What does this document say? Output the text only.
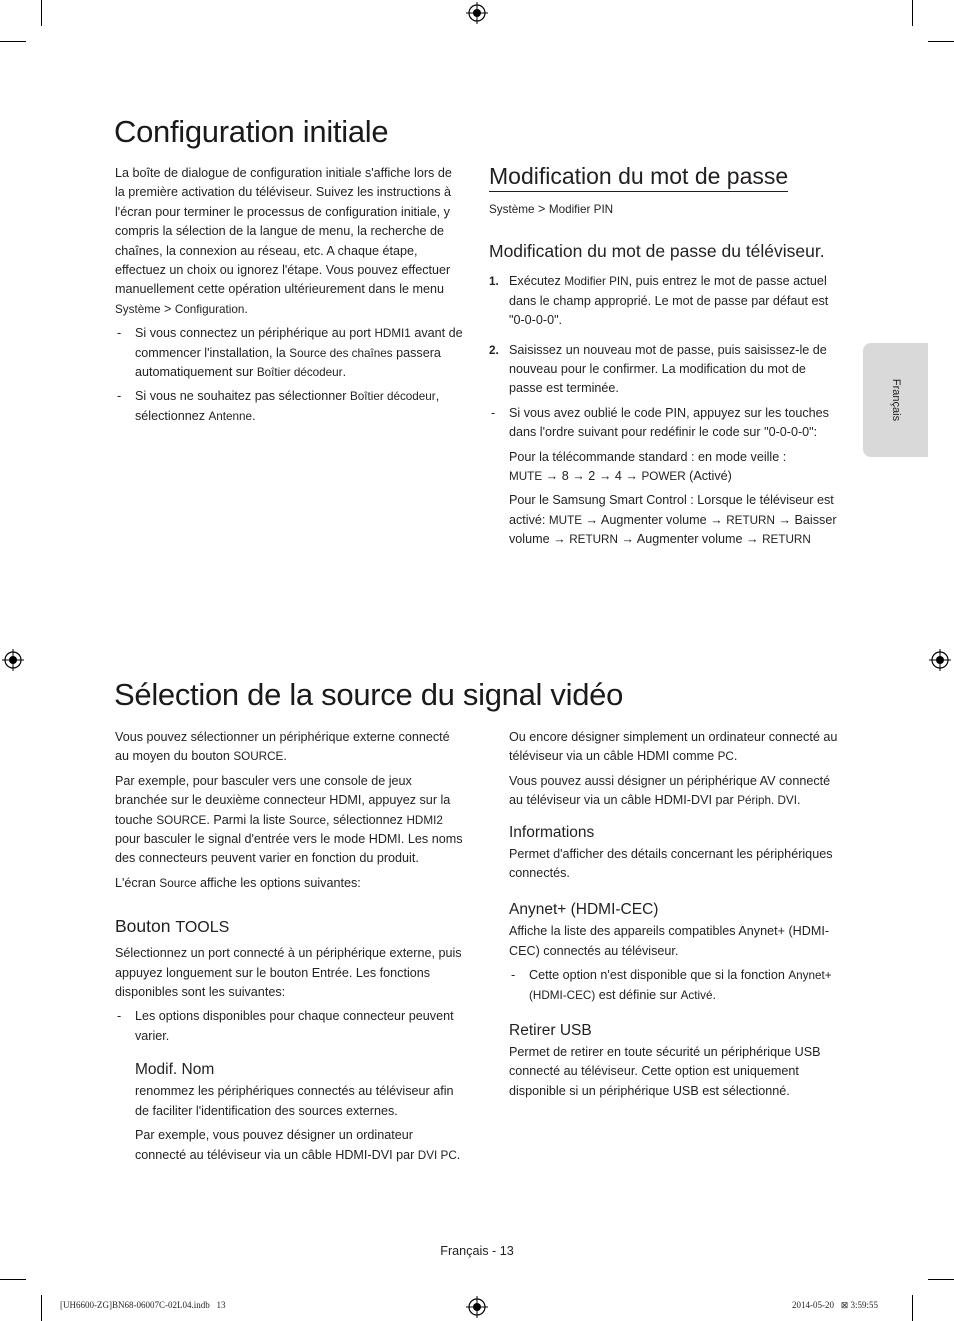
Français
Configuration initiale

La boîte de dialogue de configuration initiale s'affiche lors de la première activation du téléviseur. Suivez les instructions à l'écran pour terminer le processus de configuration initiale, y compris la sélection de la langue de menu, la recherche de chaînes, la connexion au réseau, etc. A chaque étape, effectuez un choix ou ignorez l'étape. Vous pouvez effectuer manuellement cette opération ultérieurement dans le menu Système > Configuration.

- Si vous connectez un périphérique au port HDMI1 avant de commencer l'installation, la Source des chaînes passera automatiquement sur Boîtier décodeur.

- Si vous ne souhaitez pas sélectionner Boîtier décodeur, sélectionnez Antenne.

Modification du mot de passe
Système > Modifier PIN
Modification du mot de passe du téléviseur.

1. Exécutez Modifier PIN, puis entrez le mot de passe actuel dans le champ approprié. Le mot de passe par défaut est "0-0-0-0".

2. Saisissez un nouveau mot de passe, puis saisissez-le de nouveau pour le confirmer. La modification du mot de passe est terminée.

- Si vous avez oublié le code PIN, appuyez sur les touches dans l'ordre suivant pour redéfinir le code sur "0-0-0-0":

Pour la télécommande standard : en mode veille :
MUTE → 8 → 2 → 4 → POWER (Activé)

Pour le Samsung Smart Control : Lorsque le téléviseur est activé: MUTE → Augmenter volume → RETURN → Baisser volume → RETURN → Augmenter volume → RETURN

Sélection de la source du signal vidéo

Vous pouvez sélectionner un périphérique externe connecté au moyen du bouton SOURCE.

Par exemple, pour basculer vers une console de jeux branchée sur le deuxième connecteur HDMI, appuyez sur la touche SOURCE. Parmi la liste Source, sélectionnez HDMI2 pour basculer le signal d'entrée vers le mode HDMI. Les noms des connecteurs peuvent varier en fonction du produit.

L'écran Source affiche les options suivantes:

Bouton TOOLS

Sélectionnez un port connecté à un périphérique externe, puis appuyez longuement sur le bouton Entrée. Les fonctions disponibles sont les suivantes:

- Les options disponibles pour chaque connecteur peuvent varier.

Modif. Nom

renommez les périphériques connectés au téléviseur afin de faciliter l'identification des sources externes.

Par exemple, vous pouvez désigner un ordinateur connecté au téléviseur via un câble HDMI-DVI par DVI PC.

Ou encore désigner simplement un ordinateur connecté au téléviseur via un câble HDMI comme PC.

Vous pouvez aussi désigner un périphérique AV connecté au téléviseur via un câble HDMI-DVI par Périph. DVI.

Informations

Permet d'afficher des détails concernant les périphériques connectés.

Anynet+ (HDMI-CEC)

Affiche la liste des appareils compatibles Anynet+ (HDMI-CEC) connectés au téléviseur.

- Cette option n'est disponible que si la fonction Anynet+ (HDMI-CEC) est définie sur Activé.

Retirer USB

Permet de retirer en toute sécurité un périphérique USB connecté au téléviseur. Cette option est uniquement disponible si un périphérique USB est sélectionné.

Français - 13
[UH6600-ZG]BN68-06007C-02L04.indb   13	2014-05-20   ⊠ 3:59:55
